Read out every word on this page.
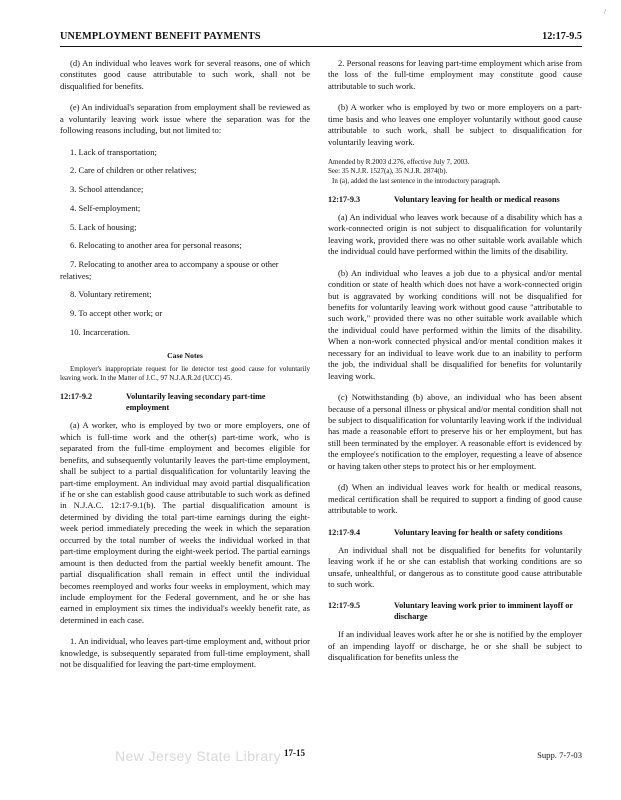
/
UNEMPLOYMENT BENEFIT PAYMENTS	12:17-9.5

(d) An individual who leaves work for several reasons, one of which constitutes good cause attributable to such work, shall not be disqualified for benefits.

(e) An individual's separation from employment shall be reviewed as a voluntarily leaving work issue where the separation was for the following reasons including, but not limited to:

1. Lack of transportation;
2. Care of children or other relatives;
3. School attendance;
4. Self-employment;
5. Lack of housing;
6. Relocating to another area for personal reasons;
7. Relocating to another area to accompany a spouse or other relatives;
8. Voluntary retirement;
9. To accept other work; or
10. Incarceration.
Case Notes

Employer's inappropriate request for lie detector test good cause for voluntarily leaving work. In the Matter of J.C., 97 N.J.A.R.2d (UCC) 45.

12:17-9.2	Voluntarily leaving secondary part-time employment

(a) A worker, who is employed by two or more employers, one of which is full-time work and the other(s) part-time work, who is separated from the full-time employment and becomes eligible for benefits, and subsequently voluntarily leaves the part-time employment, shall be subject to a partial disqualification for voluntarily leaving the part-time employment. An individual may avoid partial disqualification if he or she can establish good cause attributable to such work as defined in N.J.A.C. 12:17-9.1(b). The partial disqualification amount is determined by dividing the total part-time earnings during the eight-week period immediately preceding the week in which the separation occurred by the total number of weeks the individual worked in that part-time employment during the eight-week period. The partial earnings amount is then deducted from the partial weekly benefit amount. The partial disqualification shall remain in effect until the individual becomes reemployed and works four weeks in employment, which may include employment for the Federal government, and he or she has earned in employment six times the individual's weekly benefit rate, as determined in each case.

1. An individual, who leaves part-time employment and, without prior knowledge, is subsequently separated from full-time employment, shall not be disqualified for leaving the part-time employment.

2. Personal reasons for leaving part-time employment which arise from the loss of the full-time employment may constitute good cause attributable to such work.

(b) A worker who is employed by two or more employers on a part-time basis and who leaves one employer voluntarily without good cause attributable to such work, shall be subject to disqualification for voluntarily leaving work.

Amended by R.2003 d.276, effective July 7, 2003.
See: 35 N.J.R. 1527(a), 35 N.J.R. 2874(b).
In (a), added the last sentence in the introductory paragraph.
12:17-9.3	Voluntary leaving for health or medical reasons

(a) An individual who leaves work because of a disability which has a work-connected origin is not subject to disqualification for voluntarily leaving work, provided there was no other suitable work available which the individual could have performed within the limits of the disability.

(b) An individual who leaves a job due to a physical and/or mental condition or state of health which does not have a work-connected origin but is aggravated by working conditions will not be disqualified for benefits for voluntarily leaving work without good cause "attributable to such work," provided there was no other suitable work available which the individual could have performed within the limits of the disability. When a non-work connected physical and/or mental condition makes it necessary for an individual to leave work due to an inability to perform the job, the individual shall be disqualified for benefits for voluntarily leaving work.

(c) Notwithstanding (b) above, an individual who has been absent because of a personal illness or physical and/or mental condition shall not be subject to disqualification for voluntarily leaving work if the individual has made a reasonable effort to preserve his or her employment, but has still been terminated by the employer. A reasonable effort is evidenced by the employee's notification to the employer, requesting a leave of absence or having taken other steps to protect his or her employment.

(d) When an individual leaves work for health or medical reasons, medical certification shall be required to support a finding of good cause attributable to work.

12:17-9.4	Voluntary leaving for health or safety conditions

An individual shall not be disqualified for benefits for voluntarily leaving work if he or she can establish that working conditions are so unsafe, unhealthful, or dangerous as to constitute good cause attributable to such work.

12:17-9.5	Voluntary leaving work prior to imminent layoff or discharge

If an individual leaves work after he or she is notified by the employer of an impending layoff or discharge, he or she shall be subject to disqualification for benefits unless the

New Jersey State Library 17-15	Supp. 7-7-03
